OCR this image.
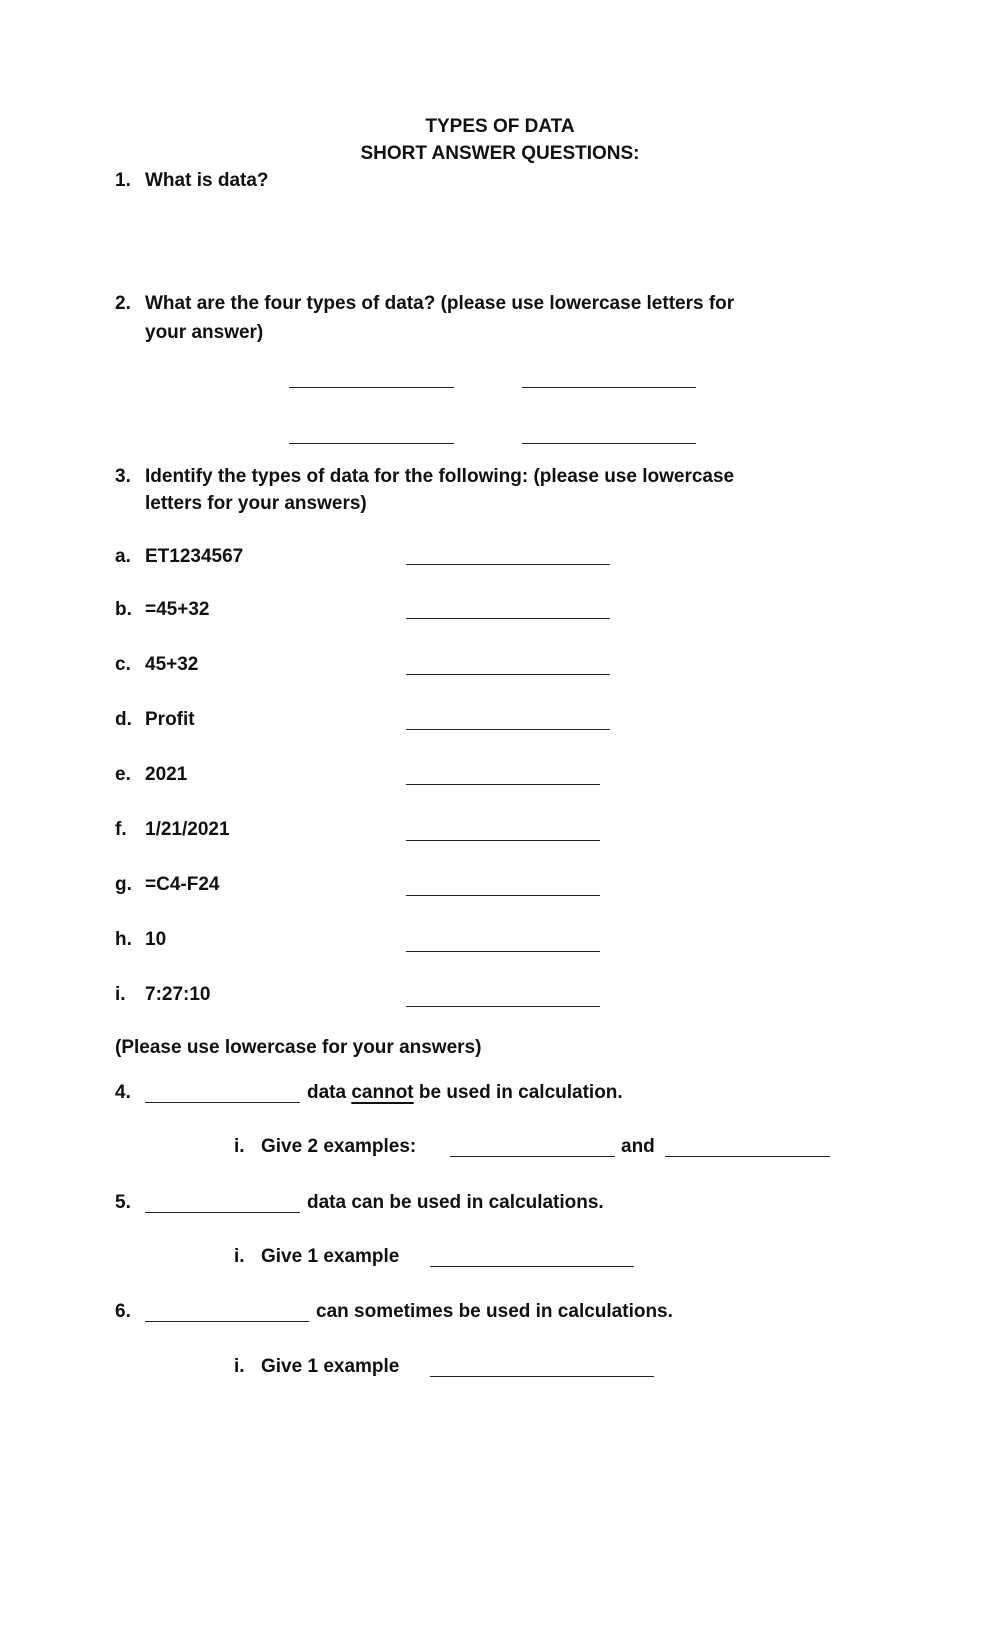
TYPES OF DATA
SHORT ANSWER QUESTIONS:
1. What is data?
2. What are the four types of data? (please use lowercase letters for
your answer)
3. Identify the types of data for the following: (please use lowercase
letters for your answers)
a. ET1234567
b. =45+32
c. 45+32
d. Profit
e. 2021
f. 1/21/2021
g. =C4-F24
h. 10
i. 7:27:10
(Please use lowercase for your answers)
4.	data cannot be used in calculation.
i. Give 2 examples:	and
5.	data can be used in calculations.
i. Give 1 example
6.	can sometimes be used in calculations.
i. Give 1 example
